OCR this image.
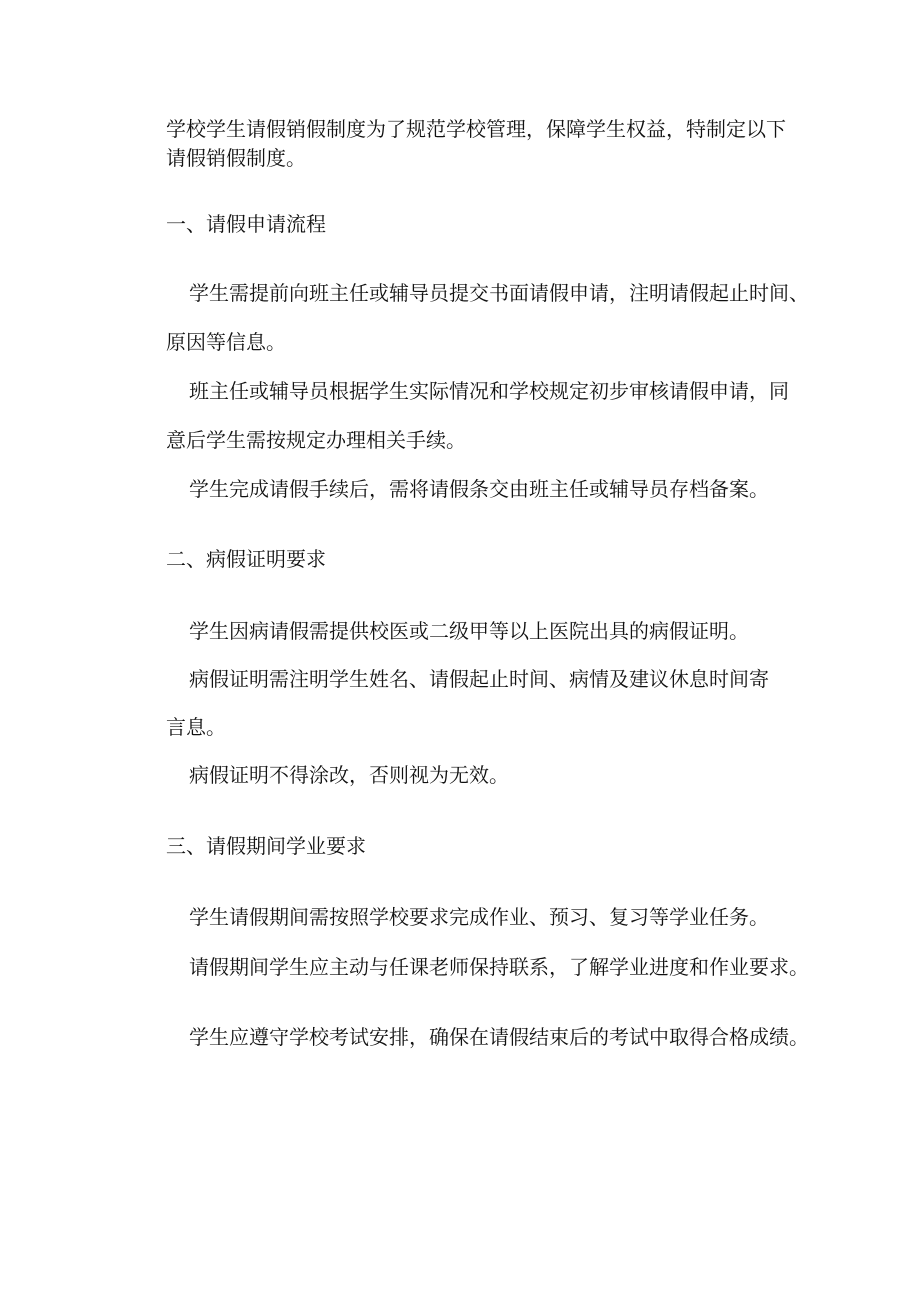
学校学生请假销假制度为了规范学校管理，保障学生权益，特制定以下

请假销假制度。

一、请假申请流程

学生需提前向班主任或辅导员提交书面请假申请，注明请假起止时间、

原因等信息。

班主任或辅导员根据学生实际情况和学校规定初步审核请假申请，同

意后学生需按规定办理相关手续。

学生完成请假手续后，需将请假条交由班主任或辅导员存档备案。

二、病假证明要求

学生因病请假需提供校医或二级甲等以上医院出具的病假证明。

病假证明需注明学生姓名、请假起止时间、病情及建议休息时间寄

言息。

病假证明不得涂改，否则视为无效。

三、请假期间学业要求

学生请假期间需按照学校要求完成作业、预习、复习等学业任务。

请假期间学生应主动与任课老师保持联系，了解学业进度和作业要求。

学生应遵守学校考试安排，确保在请假结束后的考试中取得合格成绩。
